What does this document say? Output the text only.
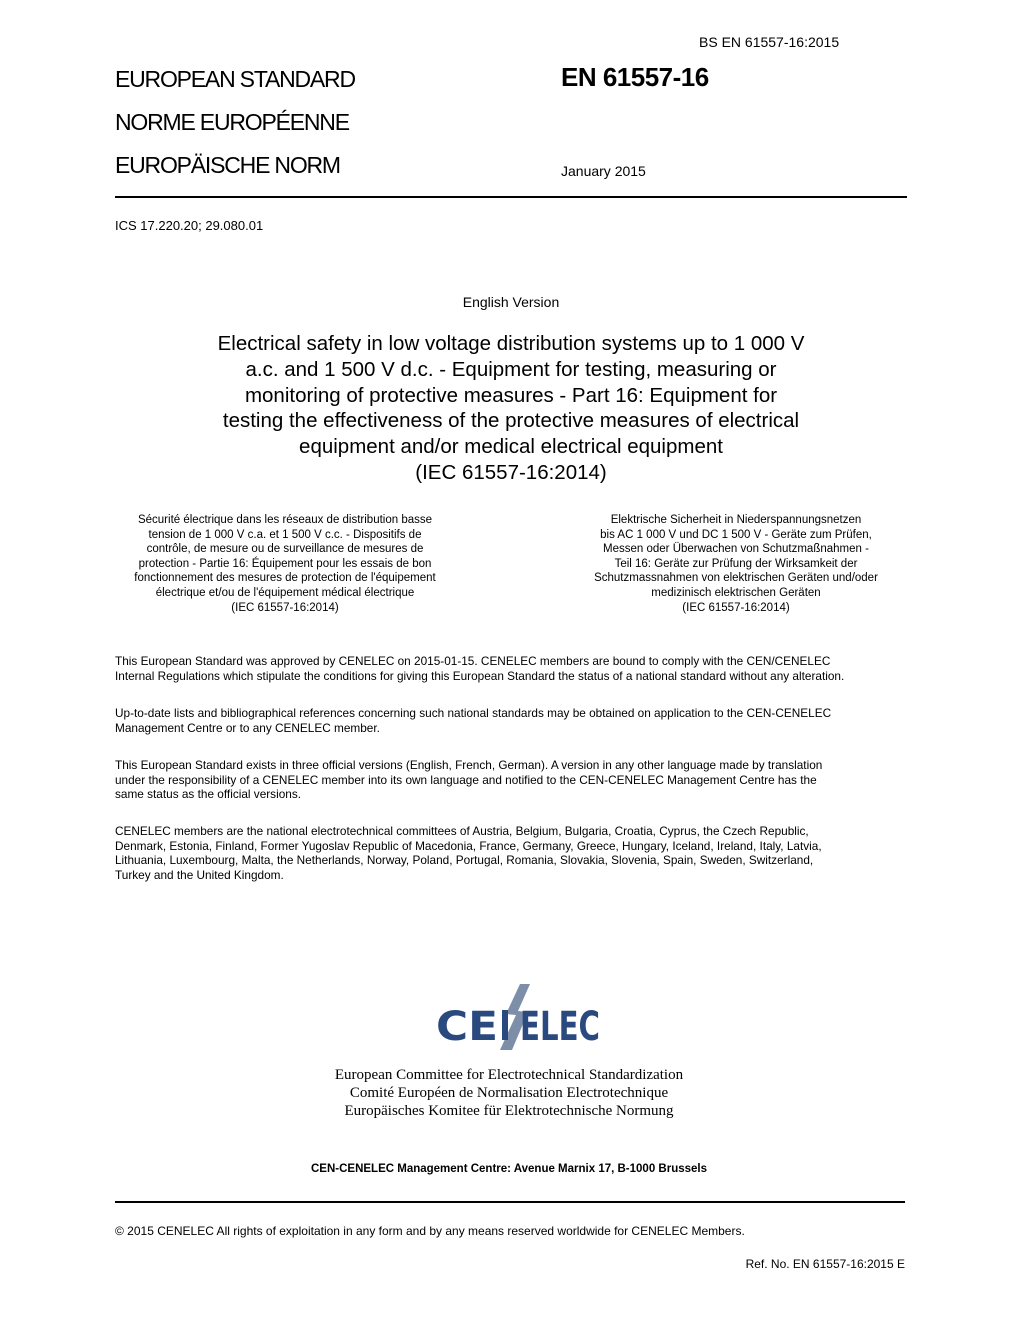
BS EN 61557-16:2015
EUROPEAN STANDARD
NORME EUROPÉENNE
EUROPÄISCHE NORM
EN 61557-16
January 2015
ICS 17.220.20; 29.080.01
English Version
Electrical safety in low voltage distribution systems up to 1 000 V
a.c. and 1 500 V d.c. - Equipment for testing, measuring or
monitoring of protective measures - Part 16: Equipment for
testing the effectiveness of the protective measures of electrical
equipment and/or medical electrical equipment
(IEC 61557-16:2014)
Sécurité électrique dans les réseaux de distribution basse
tension de 1 000 V c.a. et 1 500 V c.c. - Dispositifs de
contrôle, de mesure ou de surveillance de mesures de
protection - Partie 16: Équipement pour les essais de bon
fonctionnement des mesures de protection de l'équipement
électrique et/ou de l'équipement médical électrique
(IEC 61557-16:2014)
Elektrische Sicherheit in Niederspannungsnetzen
bis AC 1 000 V und DC 1 500 V - Geräte zum Prüfen,
Messen oder Überwachen von Schutzmaßnahmen -
Teil 16: Geräte zur Prüfung der Wirksamkeit der
Schutzmassnahmen von elektrischen Geräten und/oder
medizinisch elektrischen Geräten
(IEC 61557-16:2014)
This European Standard was approved by CENELEC on 2015-01-15. CENELEC members are bound to comply with the CEN/CENELEC
Internal Regulations which stipulate the conditions for giving this European Standard the status of a national standard without any alteration.
Up-to-date lists and bibliographical references concerning such national standards may be obtained on application to the CEN-CENELEC
Management Centre or to any CENELEC member.
This European Standard exists in three official versions (English, French, German). A version in any other language made by translation
under the responsibility of a CENELEC member into its own language and notified to the CEN-CENELEC Management Centre has the
same status as the official versions.
CENELEC members are the national electrotechnical committees of Austria, Belgium, Bulgaria, Croatia, Cyprus, the Czech Republic,
Denmark, Estonia, Finland, Former Yugoslav Republic of Macedonia, France, Germany, Greece, Hungary, Iceland, Ireland, Italy, Latvia,
Lithuania, Luxembourg, Malta, the Netherlands, Norway, Poland, Portugal, Romania, Slovakia, Slovenia, Spain, Sweden, Switzerland,
Turkey and the United Kingdom.
CE ELEC
European Committee for Electrotechnical Standardization
Comité Européen de Normalisation Electrotechnique
Europäisches Komitee für Elektrotechnische Normung
CEN-CENELEC Management Centre: Avenue Marnix 17, B-1000 Brussels
© 2015 CENELEC All rights of exploitation in any form and by any means reserved worldwide for CENELEC Members.
Ref. No. EN 61557-16:2015 E
